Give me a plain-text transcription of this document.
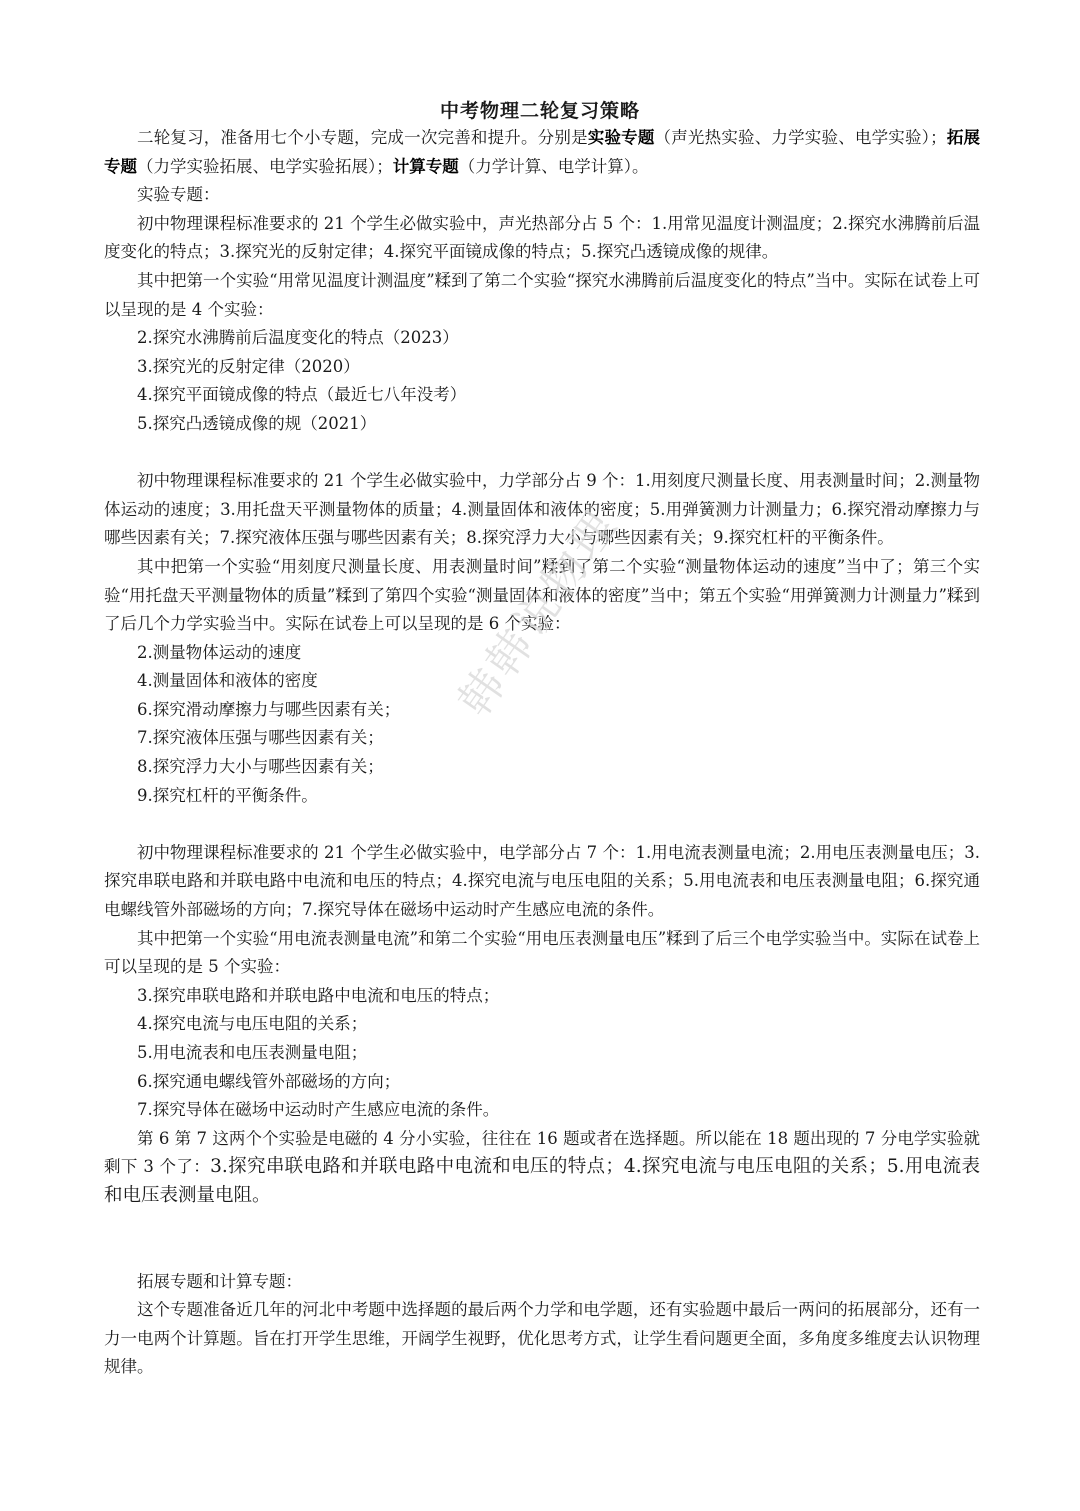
中考物理二轮复习策略

二轮复习，准备用七个小专题，完成一次完善和提升。分别是实验专题（声光热实验、力学实验、电学实验）；拓展专题（力学实验拓展、电学实验拓展）；计算专题（力学计算、电学计算）。

实验专题：

初中物理课程标准要求的 21 个学生必做实验中，声光热部分占 5 个：1.用常见温度计测温度；2.探究水沸腾前后温度变化的特点；3.探究光的反射定律；4.探究平面镜成像的特点；5.探究凸透镜成像的规律。

其中把第一个实验“用常见温度计测温度”糅到了第二个实验“探究水沸腾前后温度变化的特点”当中。实际在试卷上可以呈现的是 4 个实验：

2.探究水沸腾前后温度变化的特点（2023）

3.探究光的反射定律（2020）

4.探究平面镜成像的特点（最近七八年没考）

5.探究凸透镜成像的规（2021）

初中物理课程标准要求的 21 个学生必做实验中，力学部分占 9 个：1.用刻度尺测量长度、用表测量时间；2.测量物体运动的速度；3.用托盘天平测量物体的质量；4.测量固体和液体的密度；5.用弹簧测力计测量力；6.探究滑动摩擦力与哪些因素有关；7.探究液体压强与哪些因素有关；8.探究浮力大小与哪些因素有关；9.探究杠杆的平衡条件。

其中把第一个实验“用刻度尺测量长度、用表测量时间”糅到了第二个实验“测量物体运动的速度”当中了；第三个实验“用托盘天平测量物体的质量”糅到了第四个实验“测量固体和液体的密度”当中；第五个实验“用弹簧测力计测量力”糅到了后几个力学实验当中。实际在试卷上可以呈现的是 6 个实验：

2.测量物体运动的速度

4.测量固体和液体的密度

6.探究滑动摩擦力与哪些因素有关；

7.探究液体压强与哪些因素有关；

8.探究浮力大小与哪些因素有关；

9.探究杠杆的平衡条件。

初中物理课程标准要求的 21 个学生必做实验中，电学部分占 7 个：1.用电流表测量电流；2.用电压表测量电压；3.探究串联电路和并联电路中电流和电压的特点；4.探究电流与电压电阻的关系；5.用电流表和电压表测量电阻；6.探究通电螺线管外部磁场的方向；7.探究导体在磁场中运动时产生感应电流的条件。

其中把第一个实验“用电流表测量电流”和第二个实验“用电压表测量电压”糅到了后三个电学实验当中。实际在试卷上可以呈现的是 5 个实验：

3.探究串联电路和并联电路中电流和电压的特点；

4.探究电流与电压电阻的关系；

5.用电流表和电压表测量电阻；

6.探究通电螺线管外部磁场的方向；

7.探究导体在磁场中运动时产生感应电流的条件。

第 6 第 7 这两个个实验是电磁的 4 分小实验，往往在 16 题或者在选择题。所以能在 18 题出现的 7 分电学实验就剩下 3 个了：3.探究串联电路和并联电路中电流和电压的特点；4.探究电流与电压电阻的关系；5.用电流表和电压表测量电阻。

拓展专题和计算专题：

这个专题准备近几年的河北中考题中选择题的最后两个力学和电学题，还有实验题中最后一两问的拓展部分，还有一力一电两个计算题。旨在打开学生思维，开阔学生视野，优化思考方式，让学生看问题更全面，多角度多维度去认识物理规律。

韩韩说物理
